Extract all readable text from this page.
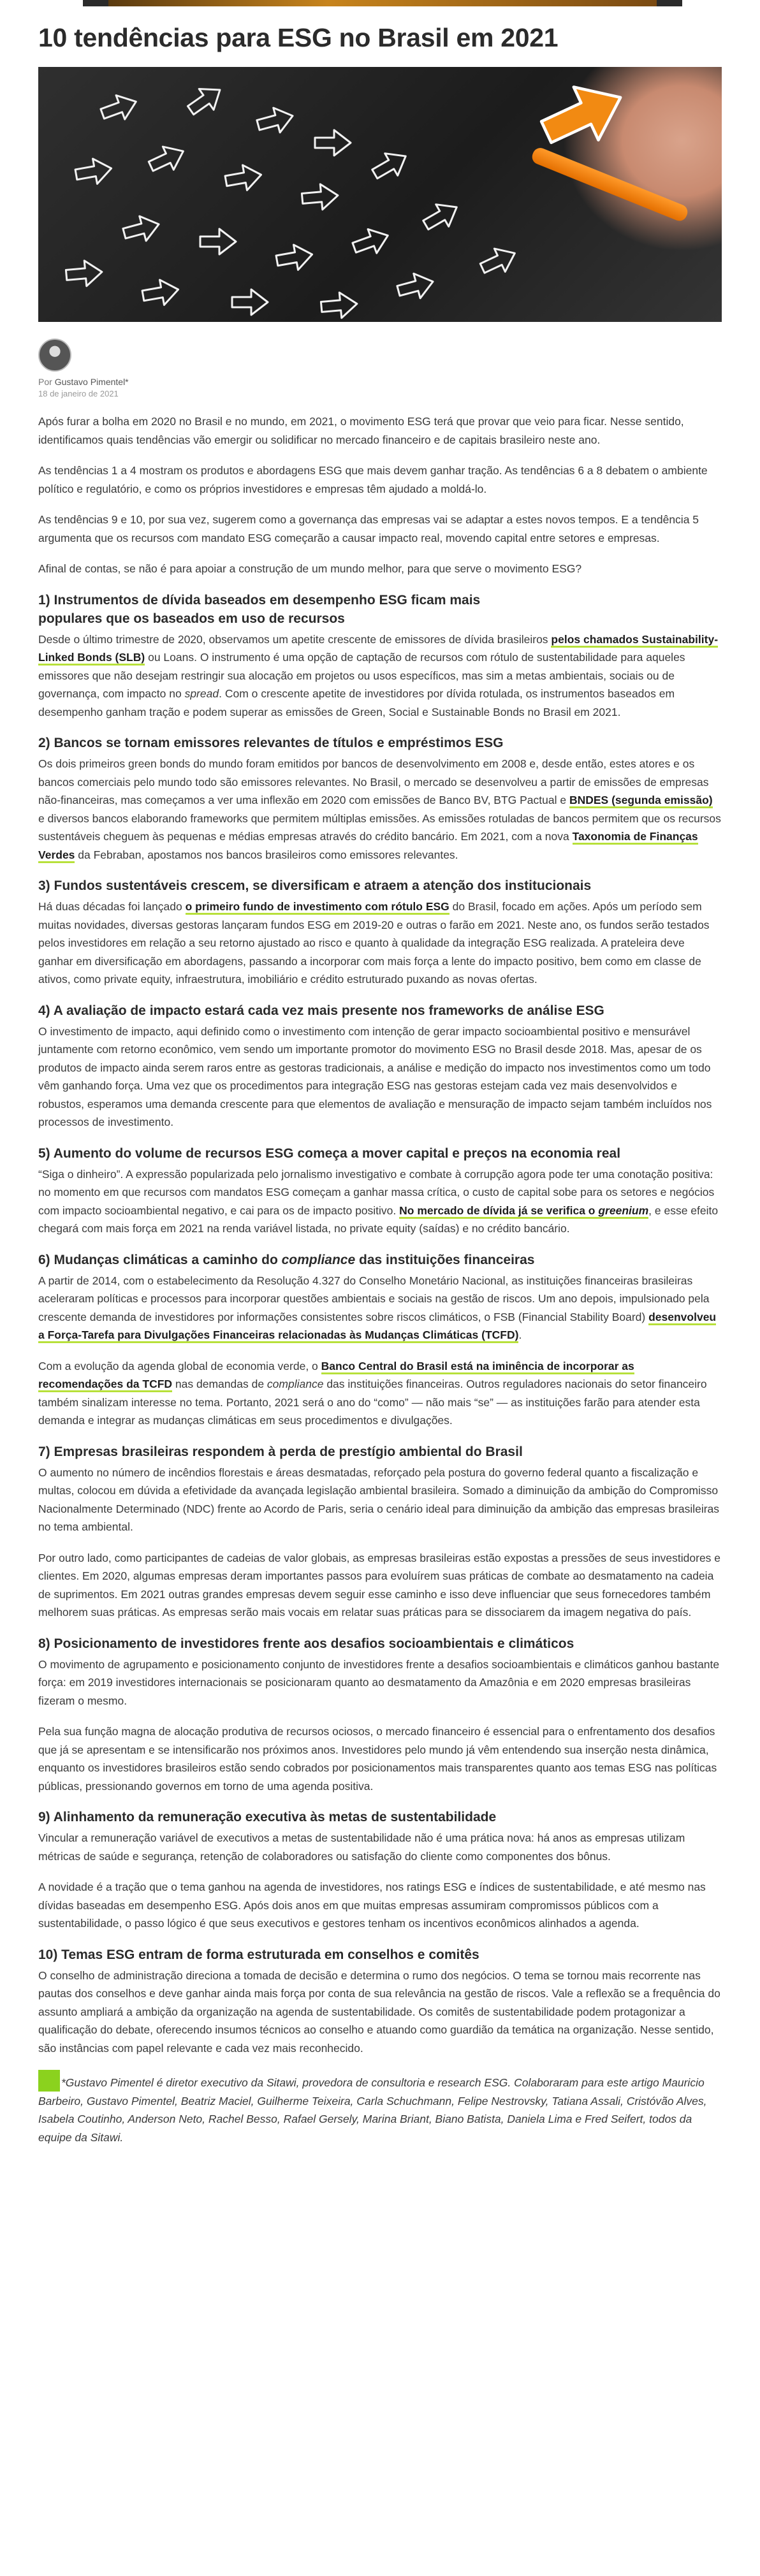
10 tendências para ESG no Brasil em 2021
Por Gustavo Pimentel*
18 de janeiro de 2021

Após furar a bolha em 2020 no Brasil e no mundo, em 2021, o movimento ESG terá que provar que veio para ficar. Nesse sentido, identificamos quais tendências vão emergir ou solidificar no mercado financeiro e de capitais brasileiro neste ano.

As tendências 1 a 4 mostram os produtos e abordagens ESG que mais devem ganhar tração. As tendências 6 a 8 debatem o ambiente político e regulatório, e como os próprios investidores e empresas têm ajudado a moldá-lo.

As tendências 9 e 10, por sua vez, sugerem como a governança das empresas vai se adaptar a estes novos tempos. E a tendência 5 argumenta que os recursos com mandato ESG começarão a causar impacto real, movendo capital entre setores e empresas.

Afinal de contas, se não é para apoiar a construção de um mundo melhor, para que serve o movimento ESG?

1) Instrumentos de dívida baseados em desempenho ESG ficam mais populares que os baseados em uso de recursos

Desde o último trimestre de 2020, observamos um apetite crescente de emissores de dívida brasileiros pelos chamados Sustainability-Linked Bonds (SLB) ou Loans. O instrumento é uma opção de captação de recursos com rótulo de sustentabilidade para aqueles emissores que não desejam restringir sua alocação em projetos ou usos específicos, mas sim a metas ambientais, sociais ou de governança, com impacto no spread. Com o crescente apetite de investidores por dívida rotulada, os instrumentos baseados em desempenho ganham tração e podem superar as emissões de Green, Social e Sustainable Bonds no Brasil em 2021.

2) Bancos se tornam emissores relevantes de títulos e empréstimos ESG

Os dois primeiros green bonds do mundo foram emitidos por bancos de desenvolvimento em 2008 e, desde então, estes atores e os bancos comerciais pelo mundo todo são emissores relevantes. No Brasil, o mercado se desenvolveu a partir de emissões de empresas não-financeiras, mas começamos a ver uma inflexão em 2020 com emissões de Banco BV, BTG Pactual e BNDES (segunda emissão) e diversos bancos elaborando frameworks que permitem múltiplas emissões. As emissões rotuladas de bancos permitem que os recursos sustentáveis cheguem às pequenas e médias empresas através do crédito bancário. Em 2021, com a nova Taxonomia de Finanças Verdes da Febraban, apostamos nos bancos brasileiros como emissores relevantes.

3) Fundos sustentáveis crescem, se diversificam e atraem a atenção dos institucionais

Há duas décadas foi lançado o primeiro fundo de investimento com rótulo ESG do Brasil, focado em ações. Após um período sem muitas novidades, diversas gestoras lançaram fundos ESG em 2019-20 e outras o farão em 2021. Neste ano, os fundos serão testados pelos investidores em relação a seu retorno ajustado ao risco e quanto à qualidade da integração ESG realizada. A prateleira deve ganhar em diversificação em abordagens, passando a incorporar com mais força a lente do impacto positivo, bem como em classe de ativos, como private equity, infraestrutura, imobiliário e crédito estruturado puxando as novas ofertas.

4) A avaliação de impacto estará cada vez mais presente nos frameworks de análise ESG

O investimento de impacto, aqui definido como o investimento com intenção de gerar impacto socioambiental positivo e mensurável juntamente com retorno econômico, vem sendo um importante promotor do movimento ESG no Brasil desde 2018. Mas, apesar de os produtos de impacto ainda serem raros entre as gestoras tradicionais, a análise e medição do impacto nos investimentos como um todo vêm ganhando força. Uma vez que os procedimentos para integração ESG nas gestoras estejam cada vez mais desenvolvidos e robustos, esperamos uma demanda crescente para que elementos de avaliação e mensuração de impacto sejam também incluídos nos processos de investimento.

5) Aumento do volume de recursos ESG começa a mover capital e preços na economia real

“Siga o dinheiro”. A expressão popularizada pelo jornalismo investigativo e combate à corrupção agora pode ter uma conotação positiva: no momento em que recursos com mandatos ESG começam a ganhar massa crítica, o custo de capital sobe para os setores e negócios com impacto socioambiental negativo, e cai para os de impacto positivo. No mercado de dívida já se verifica o greenium, e esse efeito chegará com mais força em 2021 na renda variável listada, no private equity (saídas) e no crédito bancário.

6) Mudanças climáticas a caminho do compliance das instituições financeiras

A partir de 2014, com o estabelecimento da Resolução 4.327 do Conselho Monetário Nacional, as instituições financeiras brasileiras aceleraram políticas e processos para incorporar questões ambientais e sociais na gestão de riscos. Um ano depois, impulsionado pela crescente demanda de investidores por informações consistentes sobre riscos climáticos, o FSB (Financial Stability Board) desenvolveu a Força-Tarefa para Divulgações Financeiras relacionadas às Mudanças Climáticas (TCFD).

Com a evolução da agenda global de economia verde, o Banco Central do Brasil está na iminência de incorporar as recomendações da TCFD nas demandas de compliance das instituições financeiras. Outros reguladores nacionais do setor financeiro também sinalizam interesse no tema. Portanto, 2021 será o ano do “como” — não mais “se” — as instituições farão para atender esta demanda e integrar as mudanças climáticas em seus procedimentos e divulgações.

7) Empresas brasileiras respondem à perda de prestígio ambiental do Brasil

O aumento no número de incêndios florestais e áreas desmatadas, reforçado pela postura do governo federal quanto a fiscalização e multas, colocou em dúvida a efetividade da avançada legislação ambiental brasileira. Somado a diminuição da ambição do Compromisso Nacionalmente Determinado (NDC) frente ao Acordo de Paris, seria o cenário ideal para diminuição da ambição das empresas brasileiras no tema ambiental.

Por outro lado, como participantes de cadeias de valor globais, as empresas brasileiras estão expostas a pressões de seus investidores e clientes. Em 2020, algumas empresas deram importantes passos para evoluírem suas práticas de combate ao desmatamento na cadeia de suprimentos. Em 2021 outras grandes empresas devem seguir esse caminho e isso deve influenciar que seus fornecedores também melhorem suas práticas. As empresas serão mais vocais em relatar suas práticas para se dissociarem da imagem negativa do país.

8) Posicionamento de investidores frente aos desafios socioambientais e climáticos

O movimento de agrupamento e posicionamento conjunto de investidores frente a desafios socioambientais e climáticos ganhou bastante força: em 2019 investidores internacionais se posicionaram quanto ao desmatamento da Amazônia e em 2020 empresas brasileiras fizeram o mesmo.

Pela sua função magna de alocação produtiva de recursos ociosos, o mercado financeiro é essencial para o enfrentamento dos desafios que já se apresentam e se intensificarão nos próximos anos. Investidores pelo mundo já vêm entendendo sua inserção nesta dinâmica, enquanto os investidores brasileiros estão sendo cobrados por posicionamentos mais transparentes quanto aos temas ESG nas políticas públicas, pressionando governos em torno de uma agenda positiva.

9) Alinhamento da remuneração executiva às metas de sustentabilidade

Vincular a remuneração variável de executivos a metas de sustentabilidade não é uma prática nova: há anos as empresas utilizam métricas de saúde e segurança, retenção de colaboradores ou satisfação do cliente como componentes dos bônus.

A novidade é a tração que o tema ganhou na agenda de investidores, nos ratings ESG e índices de sustentabilidade, e até mesmo nas dívidas baseadas em desempenho ESG. Após dois anos em que muitas empresas assumiram compromissos públicos com a sustentabilidade, o passo lógico é que seus executivos e gestores tenham os incentivos econômicos alinhados a agenda.

10) Temas ESG entram de forma estruturada em conselhos e comitês

O conselho de administração direciona a tomada de decisão e determina o rumo dos negócios. O tema se tornou mais recorrente nas pautas dos conselhos e deve ganhar ainda mais força por conta de sua relevância na gestão de riscos. Vale a reflexão se a frequência do assunto ampliará a ambição da organização na agenda de sustentabilidade. Os comitês de sustentabilidade podem protagonizar a qualificação do debate, oferecendo insumos técnicos ao conselho e atuando como guardião da temática na organização. Nesse sentido, são instâncias com papel relevante e cada vez mais reconhecido.

*Gustavo Pimentel é diretor executivo da Sitawi, provedora de consultoria e research ESG. Colaboraram para este artigo Mauricio Barbeiro, Gustavo Pimentel, Beatriz Maciel, Guilherme Teixeira, Carla Schuchmann, Felipe Nestrovsky, Tatiana Assali, Cristóvão Alves, Isabela Coutinho, Anderson Neto, Rachel Besso, Rafael Gersely, Marina Briant, Biano Batista, Daniela Lima e Fred Seifert, todos da equipe da Sitawi.
